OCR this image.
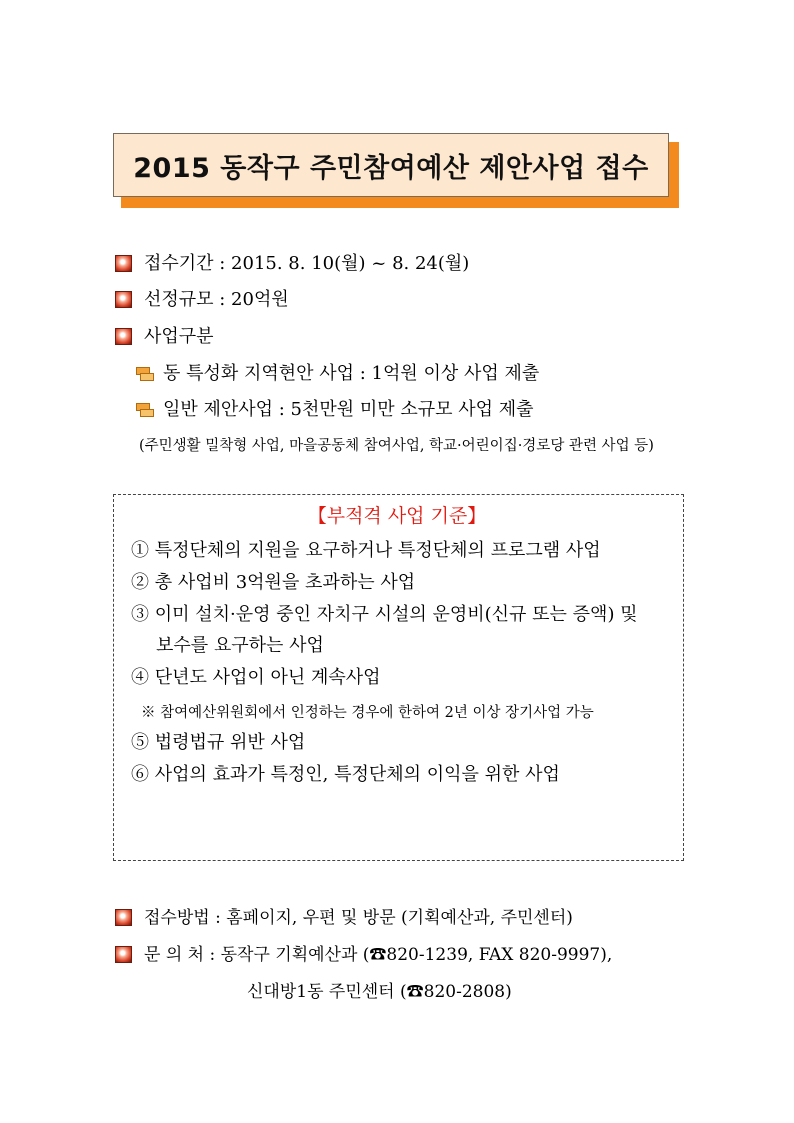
2015 동작구 주민참여예산 제안사업 접수
접수기간 : 2015. 8. 10(월) ~ 8. 24(월)
선정규모 : 20억원
사업구분
동 특성화 지역현안 사업 : 1억원 이상 사업 제출
일반 제안사업 : 5천만원 미만 소규모 사업 제출
(주민생활 밀착형 사업, 마을공동체 참여사업, 학교·어린이집·경로당 관련 사업 등)
【부적격 사업 기준】
① 특정단체의 지원을 요구하거나 특정단체의 프로그램 사업
② 총 사업비 3억원을 초과하는 사업
③ 이미 설치·운영 중인 자치구 시설의 운영비(신규 또는 증액) 및
보수를 요구하는 사업
④ 단년도 사업이 아닌 계속사업
※ 참여예산위원회에서 인정하는 경우에 한하여 2년 이상 장기사업 가능
⑤ 법령법규 위반 사업
⑥ 사업의 효과가 특정인, 특정단체의 이익을 위한 사업
접수방법 : 홈페이지, 우편 및 방문 (기획예산과, 주민센터)
문 의 처 : 동작구 기획예산과 (☎820-1239, FAX 820-9997),
신대방1동 주민센터 (☎820-2808)
